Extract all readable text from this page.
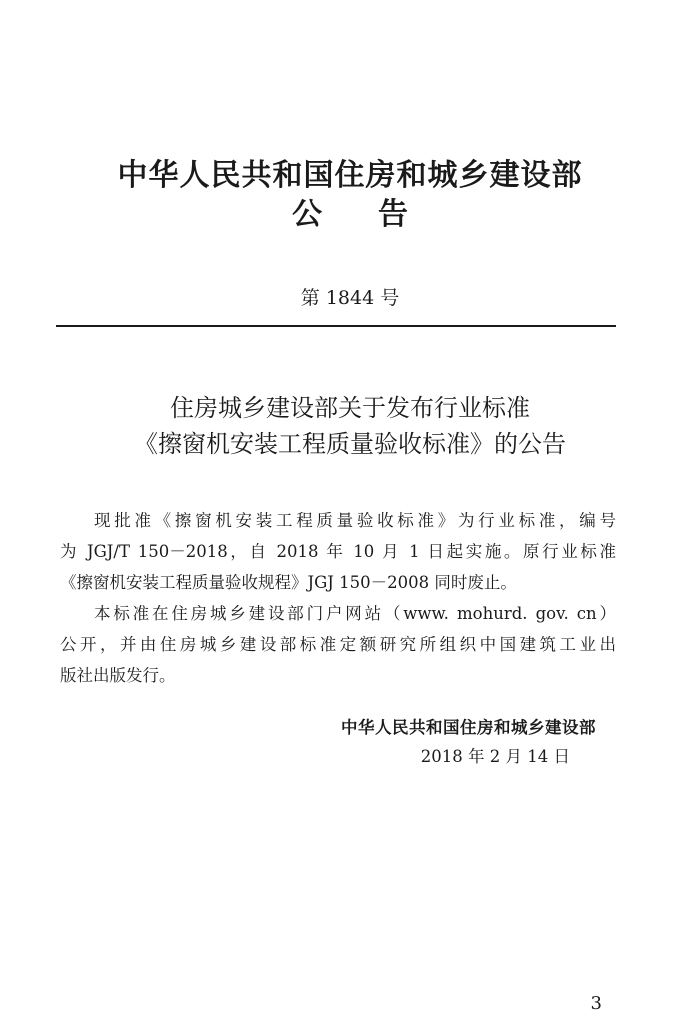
中华人民共和国住房和城乡建设部
公告
第 1844 号
住房城乡建设部关于发布行业标准
《擦窗机安装工程质量验收标准》的公告
现批准《擦窗机安装工程质量验收标准》为行业标准，编号
为 JGJ/T 150－2018，自 2018 年 10 月 1 日起实施。原行业标准
《擦窗机安装工程质量验收规程》JGJ 150－2008 同时废止。
本标准在住房城乡建设部门户网站（www. mohurd. gov. cn）
公开，并由住房城乡建设部标准定额研究所组织中国建筑工业出
版社出版发行。
中华人民共和国住房和城乡建设部
2018 年 2 月 14 日
3
